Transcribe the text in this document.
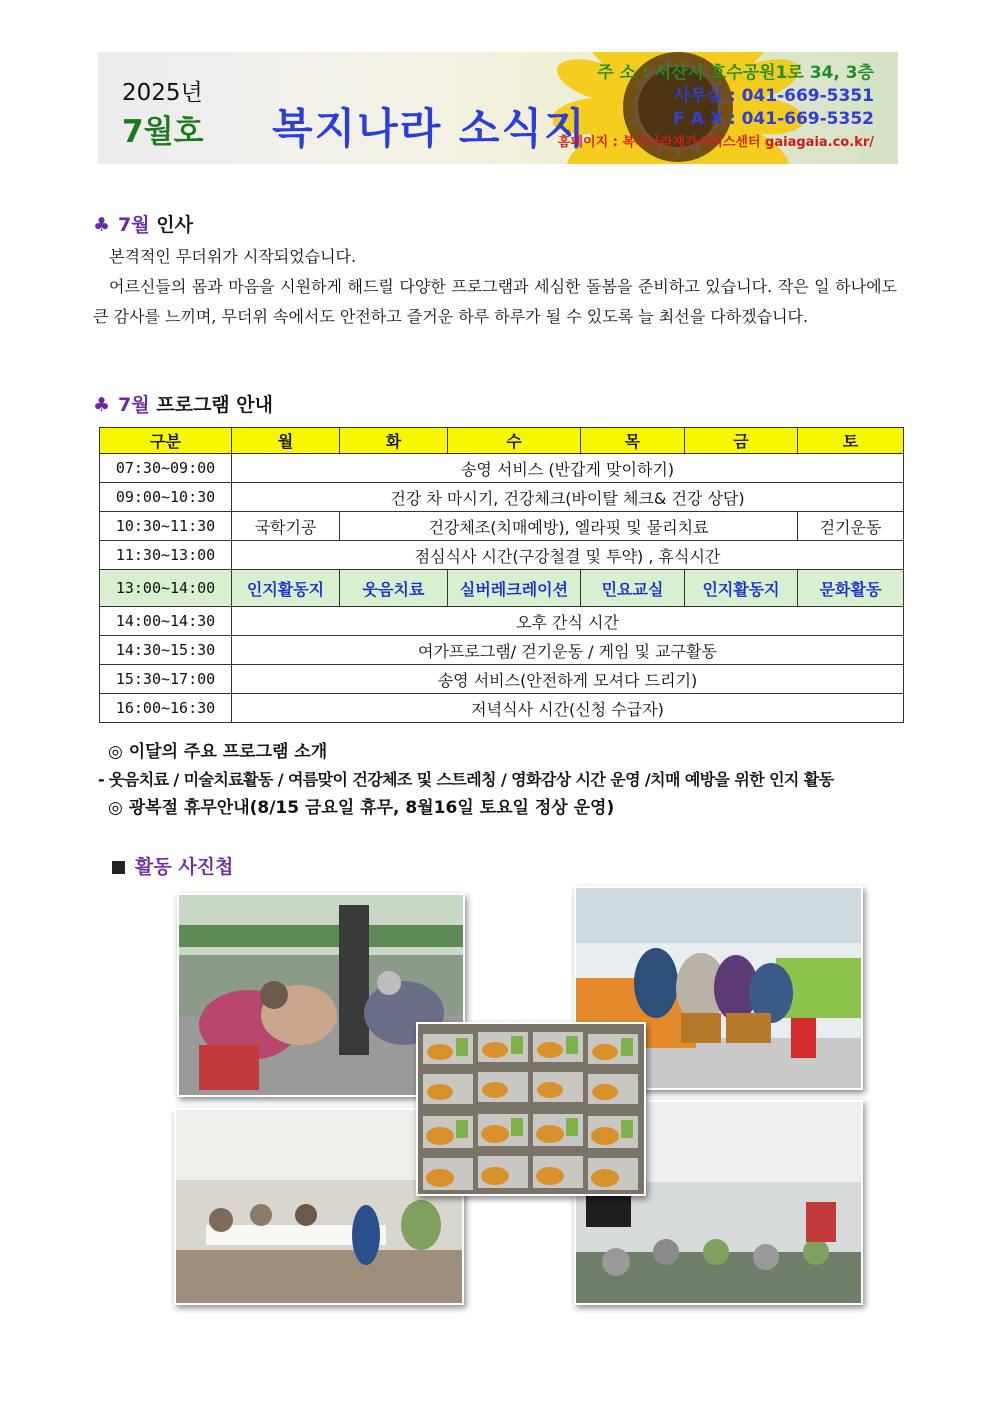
2025년
7월호 복지나라 소식지
주 소 : 서산시 호수공원1로 34, 3층
사무실 : 041-669-5351
F A X : 041-669-5352
홈페이지 : 복지나라재가서비스센터 gaiagaia.co.kr/
♣ 7월 인사

본격적인 무더위가 시작되었습니다.

어르신들의 몸과 마음을 시원하게 해드릴 다양한 프로그램과 세심한 돌봄을 준비하고 있습니다. 작은 일 하나에도 큰 감사를 느끼며, 무더위 속에서도 안전하고 즐거운 하루 하루가 될 수 있도록 늘 최선을 다하겠습니다.

♣ 7월 프로그램 안내
구분	월	화	수	목	금	토
07:30~09:00	송영 서비스 (반갑게 맞이하기)					
09:00~10:30	건강 차 마시기, 건강체크(바이탈 체크& 건강 상담)					
10:30~11:30	국학기공	건강체조(치매예방), 엘라핏 및 물리치료				걷기운동
11:30~13:00	점심식사 시간(구강철결 및 투약) , 휴식시간					
13:00~14:00	인지활동지	웃음치료	실버레크레이션	민요교실	인지활동지	문화활동
14:00~14:30	오후 간식 시간					
14:30~15:30	여가프로그램/ 걷기운동 / 게임 및 교구활동					
15:30~17:00	송영 서비스(안전하게 모셔다 드리기)					
16:00~16:30	저녁식사 시간(신청 수급자)					
◎ 이달의 주요 프로그램 소개
- 웃음치료 / 미술치료활동 / 여름맞이 건강체조 및 스트레칭 / 영화감상 시간 운영 /치매 예방을 위한 인지 활동
◎ 광복절 휴무안내(8/15 금요일 휴무, 8월16일 토요일 정상 운영)
활동 사진첩
